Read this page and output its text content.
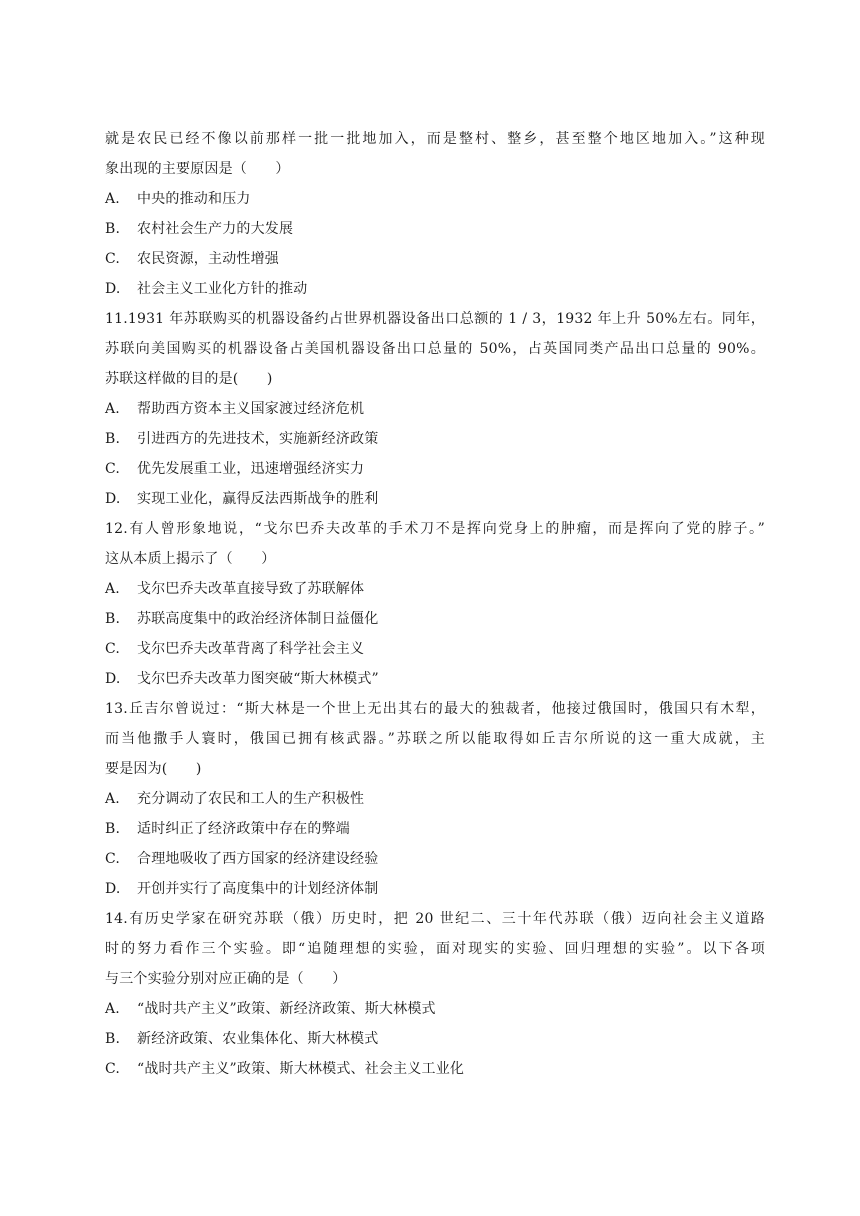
就是农民已经不像以前那样一批一批地加入，而是整村、整乡，甚至整个地区地加入。”这种现
象出现的主要原因是（　　）
A.	中央的推动和压力
B.	农村社会生产力的大发展
C.	农民资源，主动性增强
D.	社会主义工业化方针的推动
11.1931 年苏联购买的机器设备约占世界机器设备出口总额的 1 / 3，1932 年上升 50%左右。同年，
苏联向美国购买的机器设备占美国机器设备出口总量的 50%，占英国同类产品出口总量的 90%。
苏联这样做的目的是(　　)
A.	帮助西方资本主义国家渡过经济危机
B.	引进西方的先进技术，实施新经济政策
C.	优先发展重工业，迅速增强经济实力
D.	实现工业化，赢得反法西斯战争的胜利
12.有人曾形象地说，“戈尔巴乔夫改革的手术刀不是挥向党身上的肿瘤，而是挥向了党的脖子。”
这从本质上揭示了（　　）
A.	戈尔巴乔夫改革直接导致了苏联解体
B.	苏联高度集中的政治经济体制日益僵化
C.	戈尔巴乔夫改革背离了科学社会主义
D.	戈尔巴乔夫改革力图突破“斯大林模式”
13.丘吉尔曾说过：“斯大林是一个世上无出其右的最大的独裁者，他接过俄国时，俄国只有木犁，
而当他撒手人寰时，俄国已拥有核武器。”苏联之所以能取得如丘吉尔所说的这一重大成就，主
要是因为(　　)
A.	充分调动了农民和工人的生产积极性
B.	适时纠正了经济政策中存在的弊端
C.	合理地吸收了西方国家的经济建设经验
D.	开创并实行了高度集中的计划经济体制
14.有历史学家在研究苏联（俄）历史时，把 20 世纪二、三十年代苏联（俄）迈向社会主义道路
时的努力看作三个实验。即“追随理想的实验，面对现实的实验、回归理想的实验”。以下各项
与三个实验分别对应正确的是（　　）
A.	“战时共产主义”政策、新经济政策、斯大林模式
B.	新经济政策、农业集体化、斯大林模式
C.	“战时共产主义”政策、斯大林模式、社会主义工业化
